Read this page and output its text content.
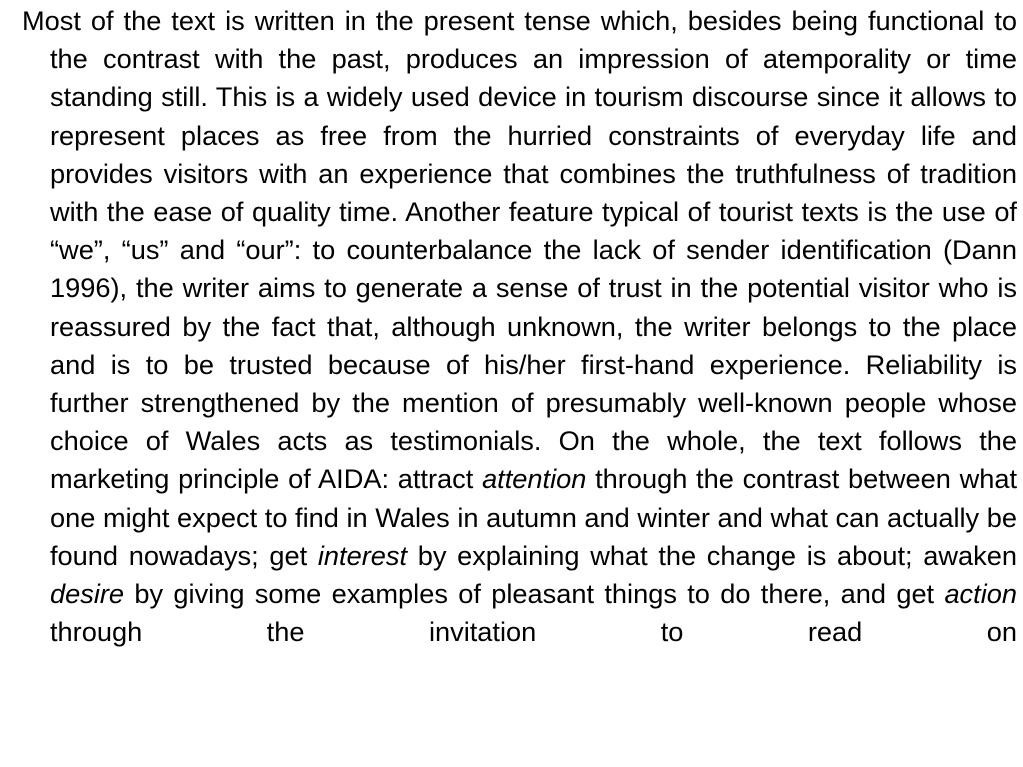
Most of the text is written in the present tense which, besides being functional to the contrast with the past, produces an impression of atemporality or time standing still. This is a widely used device in tourism discourse since it allows to represent places as free from the hurried constraints of everyday life and provides visitors with an experience that combines the truthfulness of tradition with the ease of quality time. Another feature typical of tourist texts is the use of “we”, “us” and “our”: to counterbalance the lack of sender identification (Dann 1996), the writer aims to generate a sense of trust in the potential visitor who is reassured by the fact that, although unknown, the writer belongs to the place and is to be trusted because of his/her first-hand experience. Reliability is further strengthened by the mention of presumably well-known people whose choice of Wales acts as testimonials. On the whole, the text follows the marketing principle of AIDA: attract attention through the contrast between what one might expect to find in Wales in autumn and winter and what can actually be found nowadays; get interest by explaining what the change is about; awaken desire by giving some examples of pleasant things to do there, and get action through the invitation to read on
